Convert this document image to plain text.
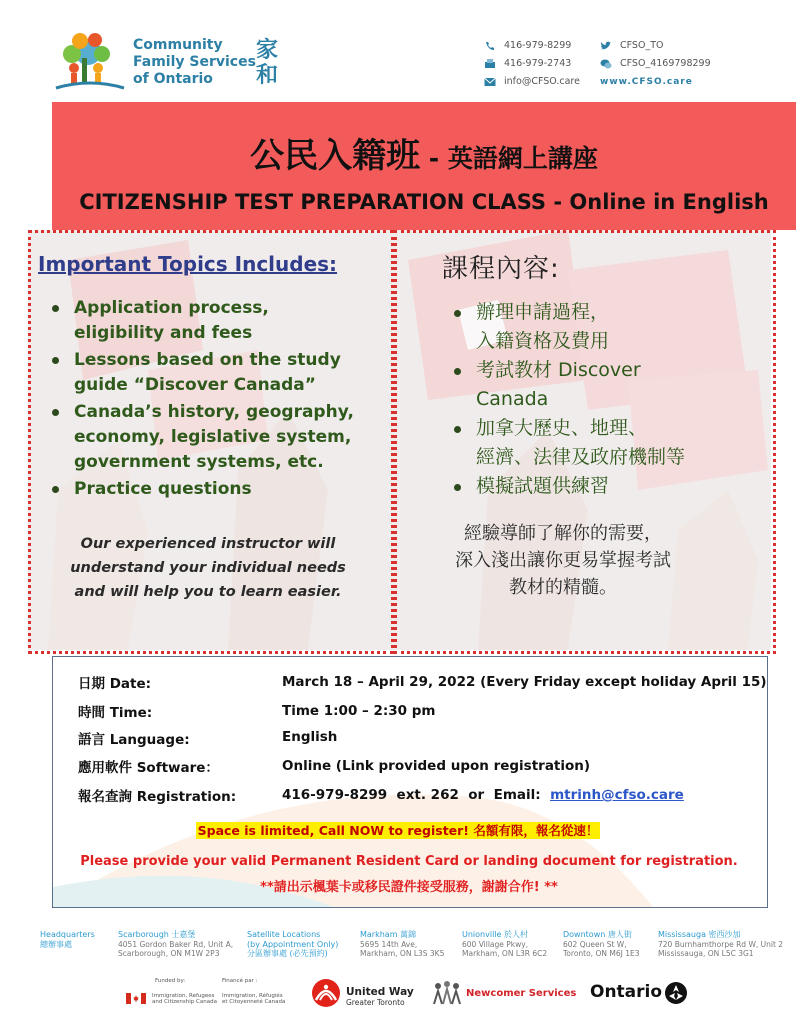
Community
Family Services
of Ontario
家
和
416-979-8299
416-979-2743
info@CFSO.care
CFSO_TO
CFSO_4169798299
www.CFSO.care
公民入籍班 - 英語網上講座
CITIZENSHIP TEST PREPARATION CLASS - Online in English
Important Topics Includes:
Application process,
eligibility and fees
Lessons based on the study
guide “Discover Canada”
Canada’s history, geography,
economy, legislative system,
government systems, etc.
Practice questions
Our experienced instructor will
understand your individual needs
and will help you to learn easier.
課程內容:
辦理申請過程，
入籍資格及費用
考試教材 Discover
Canada
加拿大歷史、地理、
經濟、法律及政府機制等
模擬試題供練習
經驗導師了解你的需要，
深入淺出讓你更易掌握考試
教材的精髓。
日期 Date:	March 18 – April 29, 2022 (Every Friday except holiday April 15)
時間 Time:	Time 1:00 – 2:30 pm
語言 Language:	English
應用軟件 Software：	Online (Link provided upon registration)
報名查詢 Registration:	416-979-8299  ext. 262  or  Email:  mtrinh@cfso.care
Space is limited, Call NOW to register! 名額有限，報名從速！
Please provide your valid Permanent Resident Card or landing document for registration.
**請出示楓葉卡或移民證件接受服務，謝謝合作! **
Headquarters
總辦事處
Scarborough 士嘉堡
4051 Gordon Baker Rd, Unit A,
Scarborough, ON M1W 2P3
Satellite Locations
(by Appointment Only)
分區辦事處 (必先預約)
Markham 萬錦
5695 14th Ave,
Markham, ON L3S 3K5
Unionville 於人村
600 Village Pkwy,
Markham, ON L3R 6C2
Downtown 唐人街
602 Queen St W,
Toronto, ON M6J 1E3
Mississauga 密西沙加
720 Burnhamthorpe Rd W, Unit 2
Mississauga, ON L5C 3G1
Funded by:	Financé par :
Immigration, Refugees
and Citizenship Canada
Immigration, Réfugiés
et Citoyenneté Canada
United Way
Greater Toronto
Newcomer Services Ontario
